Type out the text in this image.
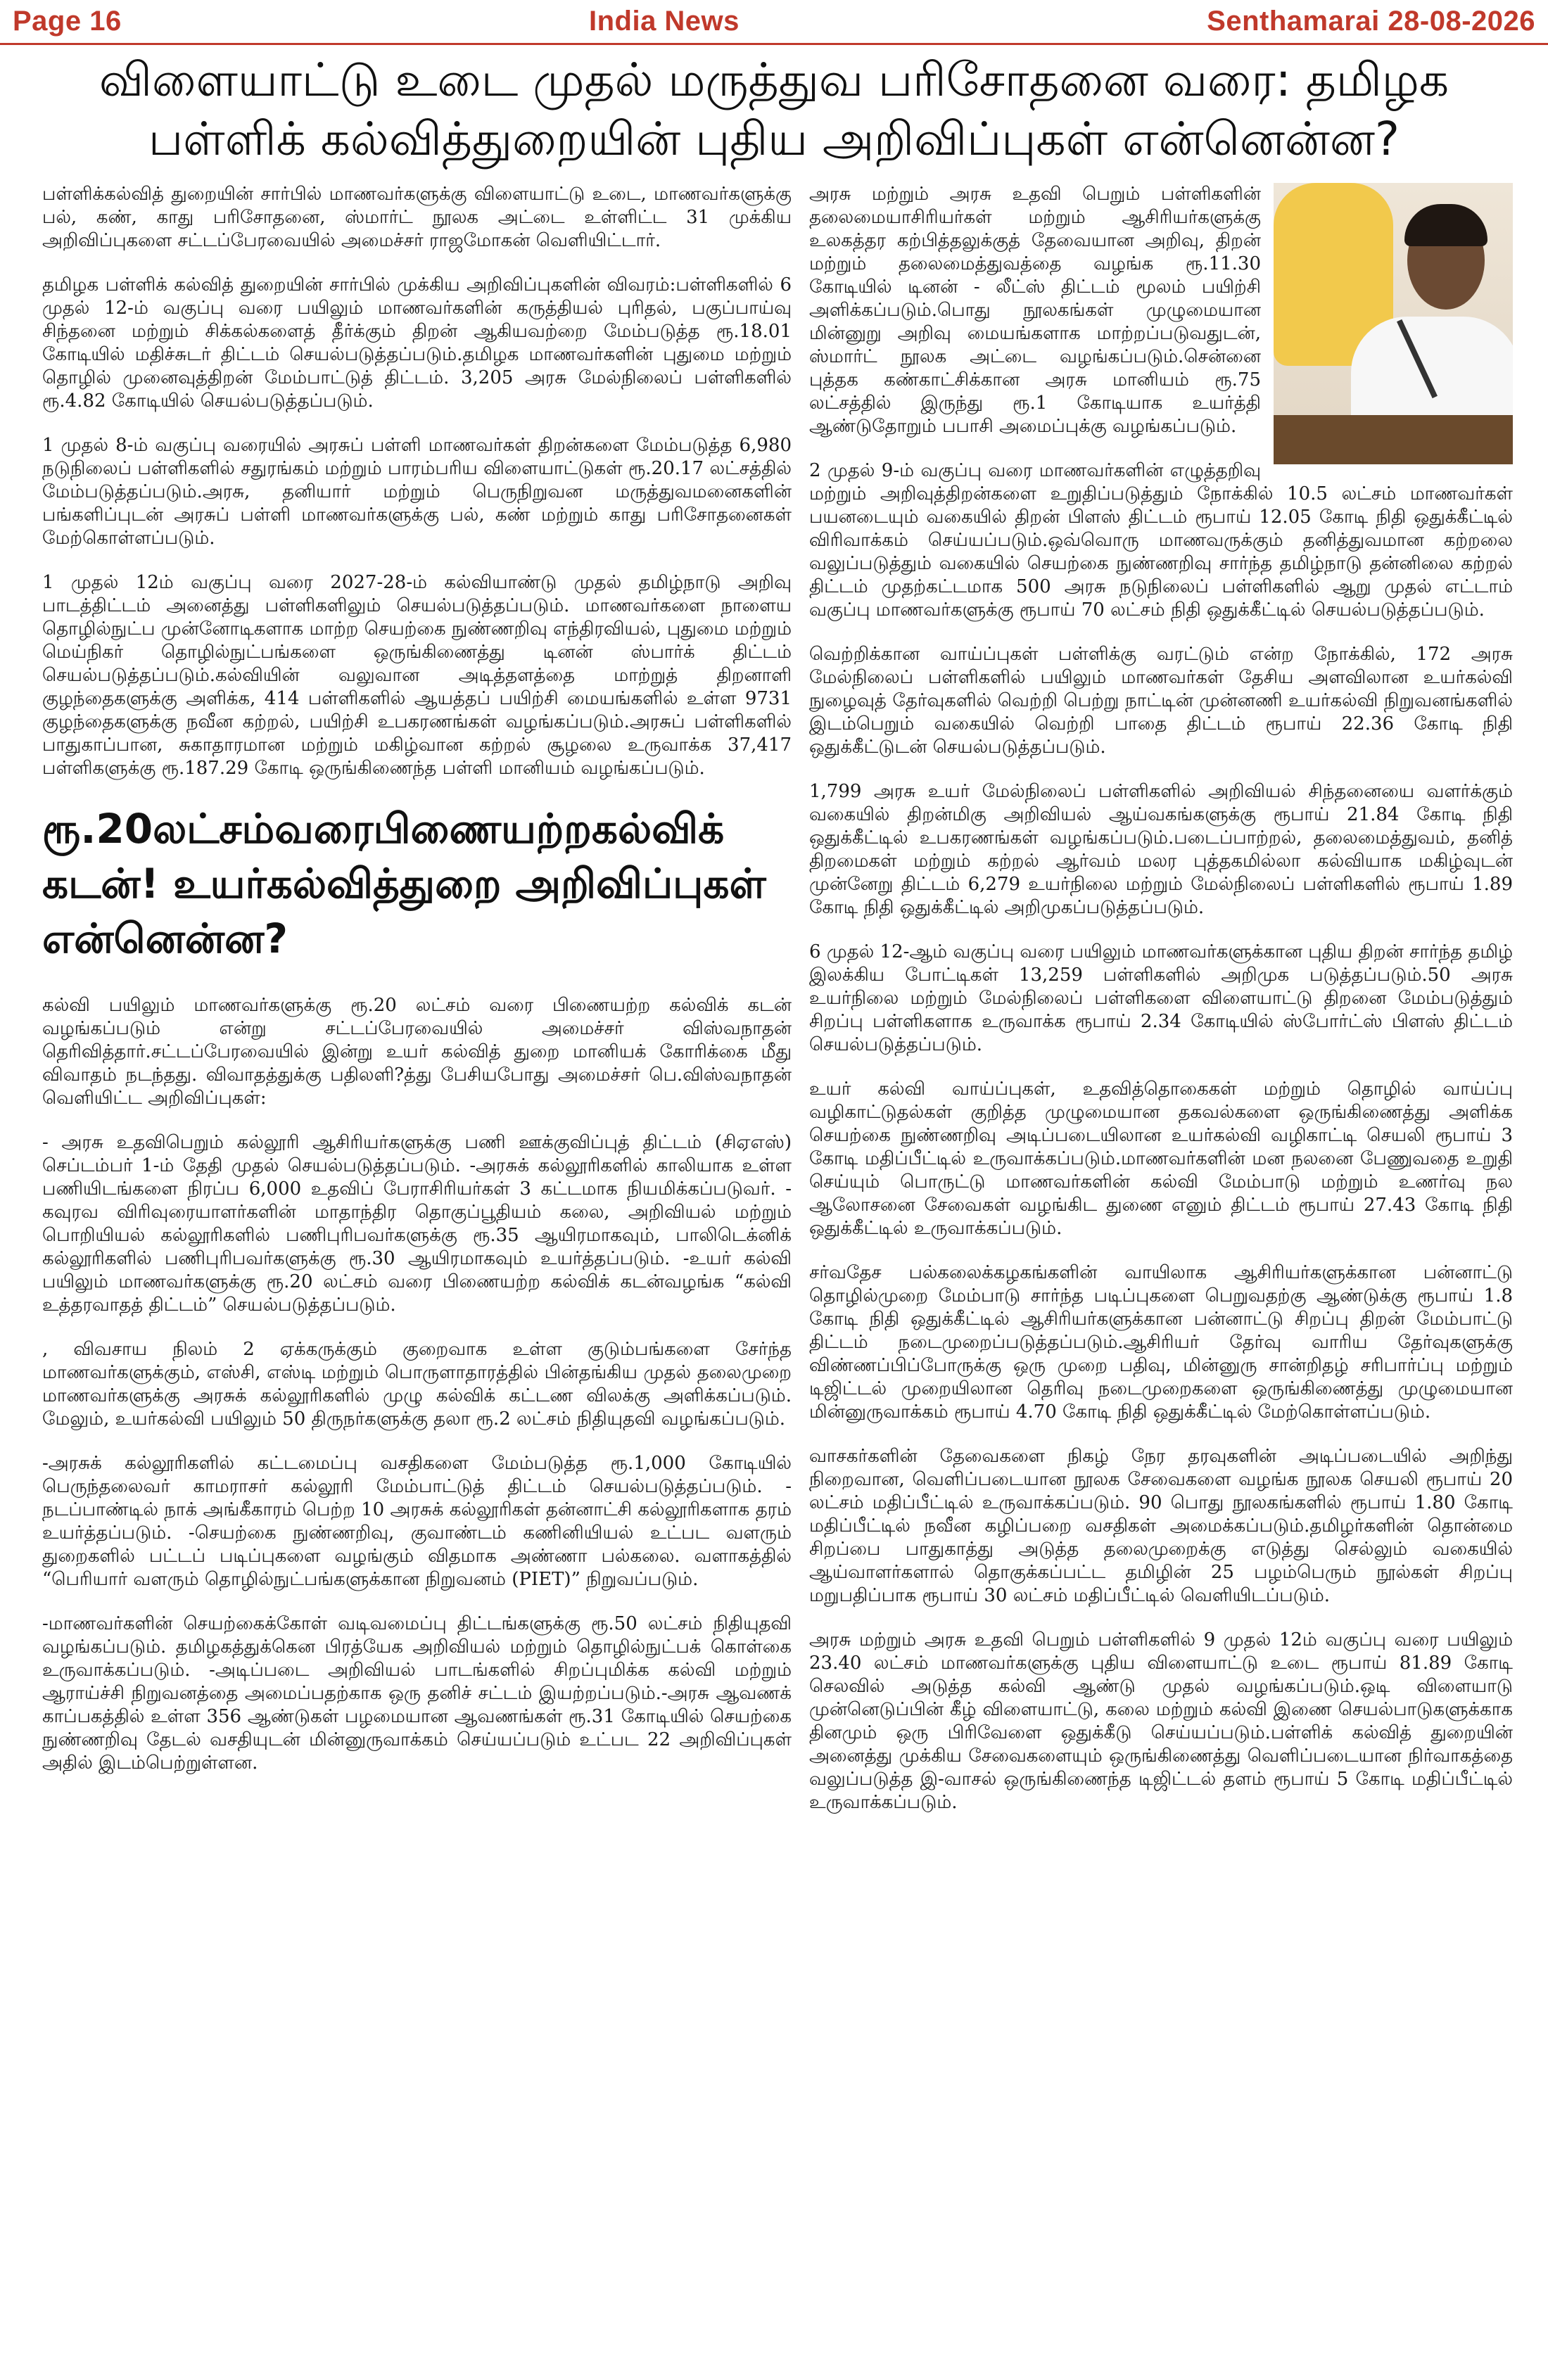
Page 16	India News	Senthamarai 28-08-2026
விளையாட்டு உடை முதல் மருத்துவ பரிசோதனை வரை: தமிழக
பள்ளிக் கல்வித்துறையின் புதிய அறிவிப்புகள் என்னென்ன?

பள்ளிக்கல்வித் துறையின் சார்பில் மாணவர்களுக்கு விளையாட்டு உடை, மாணவர்களுக்கு பல், கண், காது பரிசோதனை, ஸ்மார்ட் நூலக அட்டை உள்ளிட்ட 31 முக்கிய அறிவிப்புகளை சட்டப்பேரவையில் அமைச்சர் ராஜமோகன் வெளியிட்டார்.

தமிழக பள்ளிக் கல்வித் துறையின் சார்பில் முக்கிய அறிவிப்புகளின் விவரம்:பள்ளிகளில் 6 முதல் 12-ம் வகுப்பு வரை பயிலும் மாணவர்களின் கருத்தியல் புரிதல், பகுப்பாய்வு சிந்தனை மற்றும் சிக்கல்களைத் தீர்க்கும் திறன் ஆகியவற்றை மேம்படுத்த ரூ.18.01 கோடியில் மதிச்சுடர் திட்டம் செயல்படுத்தப்படும்.தமிழக மாணவர்களின் புதுமை மற்றும் தொழில் முனைவுத்திறன் மேம்பாட்டுத் திட்டம். 3,205 அரசு மேல்நிலைப் பள்ளிகளில் ரூ.4.82 கோடியில் செயல்படுத்தப்படும்.

1 முதல் 8-ம் வகுப்பு வரையில் அரசுப் பள்ளி மாணவர்கள் திறன்களை மேம்படுத்த 6,980 நடுநிலைப் பள்ளிகளில் சதுரங்கம் மற்றும் பாரம்பரிய விளையாட்டுகள் ரூ.20.17 லட்சத்தில் மேம்படுத்தப்படும்.அரசு, தனியார் மற்றும் பெருநிறுவன மருத்துவமனைகளின் பங்களிப்புடன் அரசுப் பள்ளி மாணவர்களுக்கு பல், கண் மற்றும் காது பரிசோதனைகள் மேற்கொள்ளப்படும்.

1 முதல் 12ம் வகுப்பு வரை 2027-28-ம் கல்வியாண்டு முதல் தமிழ்நாடு அறிவு பாடத்திட்டம் அனைத்து பள்ளிகளிலும் செயல்படுத்தப்படும். மாணவர்களை நாளைய தொழில்நுட்ப முன்னோடிகளாக மாற்ற செயற்கை நுண்ணறிவு எந்திரவியல், புதுமை மற்றும் மெய்நிகர் தொழில்நுட்பங்களை ஒருங்கிணைத்து டினன் ஸ்பார்க் திட்டம் செயல்படுத்தப்படும்.கல்வியின் வலுவான அடித்தளத்தை மாற்றுத் திறனாளி குழந்தைகளுக்கு அளிக்க, 414 பள்ளிகளில் ஆயத்தப் பயிற்சி மையங்களில் உள்ள 9731 குழந்தைகளுக்கு நவீன கற்றல், பயிற்சி உபகரணங்கள் வழங்கப்படும்.அரசுப் பள்ளிகளில் பாதுகாப்பான, சுகாதாரமான மற்றும் மகிழ்வான கற்றல் சூழலை உருவாக்க 37,417 பள்ளிகளுக்கு ரூ.187.29 கோடி ஒருங்கிணைந்த பள்ளி மானியம் வழங்கப்படும்.

ரூ.20லட்சம்வரைபிணையற்றகல்விக் கடன்! உயர்கல்வித்துறை அறிவிப்புகள் என்னென்ன?

கல்வி பயிலும் மாணவர்களுக்கு ரூ.20 லட்சம் வரை பிணையற்ற கல்விக் கடன் வழங்கப்படும் என்று சட்டப்பேரவையில் அமைச்சர் விஸ்வநாதன் தெரிவித்தார்.சட்டப்பேரவையில் இன்று உயர் கல்வித் துறை மானியக் கோரிக்கை மீது விவாதம் நடந்தது. விவாதத்துக்கு பதிலளி?த்து பேசியபோது அமைச்சர் பெ.விஸ்வநாதன் வெளியிட்ட அறிவிப்புகள்:

- அரசு உதவிபெறும் கல்லூரி ஆசிரியர்களுக்கு பணி ஊக்குவிப்புத் திட்டம் (சிஏஎஸ்) செப்டம்பர் 1-ம் தேதி முதல் செயல்படுத்தப்படும். -அரசுக் கல்லூரிகளில் காலியாக உள்ள பணியிடங்களை நிரப்ப 6,000 உதவிப் பேராசிரியர்கள் 3 கட்டமாக நியமிக்கப்படுவர். - கவுரவ விரிவுரையாளர்களின் மாதாந்திர தொகுப்பூதியம் கலை, அறிவியல் மற்றும் பொறியியல் கல்லூரிகளில் பணிபுரிபவர்களுக்கு ரூ.35 ஆயிரமாகவும், பாலிடெக்னிக் கல்லூரிகளில் பணிபுரிபவர்களுக்கு ரூ.30 ஆயிரமாகவும் உயர்த்தப்படும். -உயர் கல்வி பயிலும் மாணவர்களுக்கு ரூ.20 லட்சம் வரை பிணையற்ற கல்விக் கடன்வழங்க “கல்வி உத்தரவாதத் திட்டம்” செயல்படுத்தப்படும்.

, விவசாய நிலம் 2 ஏக்கருக்கும் குறைவாக உள்ள குடும்பங்களை சேர்ந்த மாணவர்களுக்கும், எஸ்சி, எஸ்டி மற்றும் பொருளாதாரத்தில் பின்தங்கிய முதல் தலைமுறை மாணவர்களுக்கு அரசுக் கல்லூரிகளில் முழு கல்விக் கட்டண விலக்கு அளிக்கப்படும். மேலும், உயர்கல்வி பயிலும் 50 திருநர்களுக்கு தலா ரூ.2 லட்சம் நிதியுதவி வழங்கப்படும்.

-அரசுக் கல்லூரிகளில் கட்டமைப்பு வசதிகளை மேம்படுத்த ரூ.1,000 கோடியில் பெருந்தலைவர் காமராசர் கல்லூரி மேம்பாட்டுத் திட்டம் செயல்படுத்தப்படும். - நடப்பாண்டில் நாக் அங்கீகாரம் பெற்ற 10 அரசுக் கல்லூரிகள் தன்னாட்சி கல்லூரிகளாக தரம் உயர்த்தப்படும். -செயற்கை நுண்ணறிவு, குவாண்டம் கணினியியல் உட்பட வளரும் துறைகளில் பட்டப் படிப்புகளை வழங்கும் விதமாக அண்ணா பல்கலை. வளாகத்தில் “பெரியார் வளரும் தொழில்நுட்பங்களுக்கான நிறுவனம் (PIET)” நிறுவப்படும்.

-மாணவர்களின் செயற்கைக்கோள் வடிவமைப்பு திட்டங்களுக்கு ரூ.50 லட்சம் நிதியுதவி வழங்கப்படும். தமிழகத்துக்கென பிரத்யேக அறிவியல் மற்றும் தொழில்நுட்பக் கொள்கை உருவாக்கப்படும். -அடிப்படை அறிவியல் பாடங்களில் சிறப்புமிக்க கல்வி மற்றும் ஆராய்ச்சி நிறுவனத்தை அமைப்பதற்காக ஒரு தனிச் சட்டம் இயற்றப்படும்.-அரசு ஆவணக் காப்பகத்தில் உள்ள 356 ஆண்டுகள் பழமையான ஆவணங்கள் ரூ.31 கோடியில் செயற்கை நுண்ணறிவு தேடல் வசதியுடன் மின்னுருவாக்கம் செய்யப்படும் உட்பட 22 அறிவிப்புகள் அதில் இடம்பெற்றுள்ளன.

அரசு மற்றும் அரசு உதவி பெறும் பள்ளிகளின் தலைமையாசிரியர்கள் மற்றும் ஆசிரியர்களுக்கு உலகத்தர கற்பித்தலுக்குத் தேவையான அறிவு, திறன் மற்றும் தலைமைத்துவத்தை வழங்க ரூ.11.30 கோடியில் டினன் - லீட்ஸ் திட்டம் மூலம் பயிற்சி அளிக்கப்படும்.பொது நூலகங்கள் முழுமையான மின்னுறு அறிவு மையங்களாக மாற்றப்படுவதுடன், ஸ்மார்ட் நூலக அட்டை வழங்கப்படும்.சென்னை புத்தக கண்காட்சிக்கான அரசு மானியம் ரூ.75 லட்சத்தில் இருந்து ரூ.1 கோடியாக உயர்த்தி ஆண்டுதோறும் பபாசி அமைப்புக்கு வழங்கப்படும்.

2 முதல் 9-ம் வகுப்பு வரை மாணவர்களின் எழுத்தறிவு மற்றும் அறிவுத்திறன்களை உறுதிப்படுத்தும் நோக்கில் 10.5 லட்சம் மாணவர்கள் பயனடையும் வகையில் திறன் பிளஸ் திட்டம் ரூபாய் 12.05 கோடி நிதி ஒதுக்கீட்டில் விரிவாக்கம் செய்யப்படும்.ஒவ்வொரு மாணவருக்கும் தனித்துவமான கற்றலை வலுப்படுத்தும் வகையில் செயற்கை நுண்ணறிவு சார்ந்த தமிழ்நாடு தன்னிலை கற்றல் திட்டம் முதற்கட்டமாக 500 அரசு நடுநிலைப் பள்ளிகளில் ஆறு முதல் எட்டாம் வகுப்பு மாணவர்களுக்கு ரூபாய் 70 லட்சம் நிதி ஒதுக்கீட்டில் செயல்படுத்தப்படும்.

வெற்றிக்கான வாய்ப்புகள் பள்ளிக்கு வரட்டும் என்ற நோக்கில், 172 அரசு மேல்நிலைப் பள்ளிகளில் பயிலும் மாணவர்கள் தேசிய அளவிலான உயர்கல்வி நுழைவுத் தேர்வுகளில் வெற்றி பெற்று நாட்டின் முன்னணி உயர்கல்வி நிறுவனங்களில் இடம்பெறும் வகையில் வெற்றி பாதை திட்டம் ரூபாய் 22.36 கோடி நிதி ஒதுக்கீட்டுடன் செயல்படுத்தப்படும்.

1,799 அரசு உயர் மேல்நிலைப் பள்ளிகளில் அறிவியல் சிந்தனையை வளர்க்கும் வகையில் திறன்மிகு அறிவியல் ஆய்வகங்களுக்கு ரூபாய் 21.84 கோடி நிதி ஒதுக்கீட்டில் உபகரணங்கள் வழங்கப்படும்.படைப்பாற்றல், தலைமைத்துவம், தனித் திறமைகள் மற்றும் கற்றல் ஆர்வம் மலர புத்தகமில்லா கல்வியாக மகிழ்வுடன் முன்னேறு திட்டம் 6,279 உயர்நிலை மற்றும் மேல்நிலைப் பள்ளிகளில் ரூபாய் 1.89 கோடி நிதி ஒதுக்கீட்டில் அறிமுகப்படுத்தப்படும்.

6 முதல் 12-ஆம் வகுப்பு வரை பயிலும் மாணவர்களுக்கான புதிய திறன் சார்ந்த தமிழ் இலக்கிய போட்டிகள் 13,259 பள்ளிகளில் அறிமுக படுத்தப்படும்.50 அரசு உயர்நிலை மற்றும் மேல்நிலைப் பள்ளிகளை விளையாட்டு திறனை மேம்படுத்தும் சிறப்பு பள்ளிகளாக உருவாக்க ரூபாய் 2.34 கோடியில் ஸ்போர்ட்ஸ் பிளஸ் திட்டம் செயல்படுத்தப்படும்.

உயர் கல்வி வாய்ப்புகள், உதவித்தொகைகள் மற்றும் தொழில் வாய்ப்பு வழிகாட்டுதல்கள் குறித்த முழுமையான தகவல்களை ஒருங்கிணைத்து அளிக்க செயற்கை நுண்ணறிவு அடிப்படையிலான உயர்கல்வி வழிகாட்டி செயலி ரூபாய் 3 கோடி மதிப்பீட்டில் உருவாக்கப்படும்.மாணவர்களின் மன நலனை பேணுவதை உறுதி செய்யும் பொருட்டு மாணவர்களின் கல்வி மேம்பாடு மற்றும் உணர்வு நல ஆலோசனை சேவைகள் வழங்கிட துணை எனும் திட்டம் ரூபாய் 27.43 கோடி நிதி ஒதுக்கீட்டில் உருவாக்கப்படும்.

சர்வதேச பல்கலைக்கழகங்களின் வாயிலாக ஆசிரியர்களுக்கான பன்னாட்டு தொழில்முறை மேம்பாடு சார்ந்த படிப்புகளை பெறுவதற்கு ஆண்டுக்கு ரூபாய் 1.8 கோடி நிதி ஒதுக்கீட்டில் ஆசிரியர்களுக்கான பன்னாட்டு சிறப்பு திறன் மேம்பாட்டு திட்டம் நடைமுறைப்படுத்தப்படும்.ஆசிரியர் தேர்வு வாரிய தேர்வுகளுக்கு விண்ணப்பிப்போருக்கு ஒரு முறை பதிவு, மின்னுரு சான்றிதழ் சரிபார்ப்பு மற்றும் டிஜிட்டல் முறையிலான தெரிவு நடைமுறைகளை ஒருங்கிணைத்து முழுமையான மின்னுருவாக்கம் ரூபாய் 4.70 கோடி நிதி ஒதுக்கீட்டில் மேற்கொள்ளப்படும்.

வாசகர்களின் தேவைகளை நிகழ் நேர தரவுகளின் அடிப்படையில் அறிந்து நிறைவான, வெளிப்படையான நூலக சேவைகளை வழங்க நூலக செயலி ரூபாய் 20 லட்சம் மதிப்பீட்டில் உருவாக்கப்படும். 90 பொது நூலகங்களில் ரூபாய் 1.80 கோடி மதிப்பீட்டில் நவீன கழிப்பறை வசதிகள் அமைக்கப்படும்.தமிழர்களின் தொன்மை சிறப்பை பாதுகாத்து அடுத்த தலைமுறைக்கு எடுத்து செல்லும் வகையில் ஆய்வாளர்களால் தொகுக்கப்பட்ட தமிழின் 25 பழம்பெரும் நூல்கள் சிறப்பு மறுபதிப்பாக ரூபாய் 30 லட்சம் மதிப்பீட்டில் வெளியிடப்படும்.

அரசு மற்றும் அரசு உதவி பெறும் பள்ளிகளில் 9 முதல் 12ம் வகுப்பு வரை பயிலும் 23.40 லட்சம் மாணவர்களுக்கு புதிய விளையாட்டு உடை ரூபாய் 81.89 கோடி செலவில் அடுத்த கல்வி ஆண்டு முதல் வழங்கப்படும்.ஒடி விளையாடு முன்னெடுப்பின் கீழ் விளையாட்டு, கலை மற்றும் கல்வி இணை செயல்பாடுகளுக்காக தினமும் ஒரு பிரிவேளை ஒதுக்கீடு செய்யப்படும்.பள்ளிக் கல்வித் துறையின் அனைத்து முக்கிய சேவைகளையும் ஒருங்கிணைத்து வெளிப்படையான நிர்வாகத்தை வலுப்படுத்த இ-வாசல் ஒருங்கிணைந்த டிஜிட்டல் தளம் ரூபாய் 5 கோடி மதிப்பீட்டில் உருவாக்கப்படும்.
